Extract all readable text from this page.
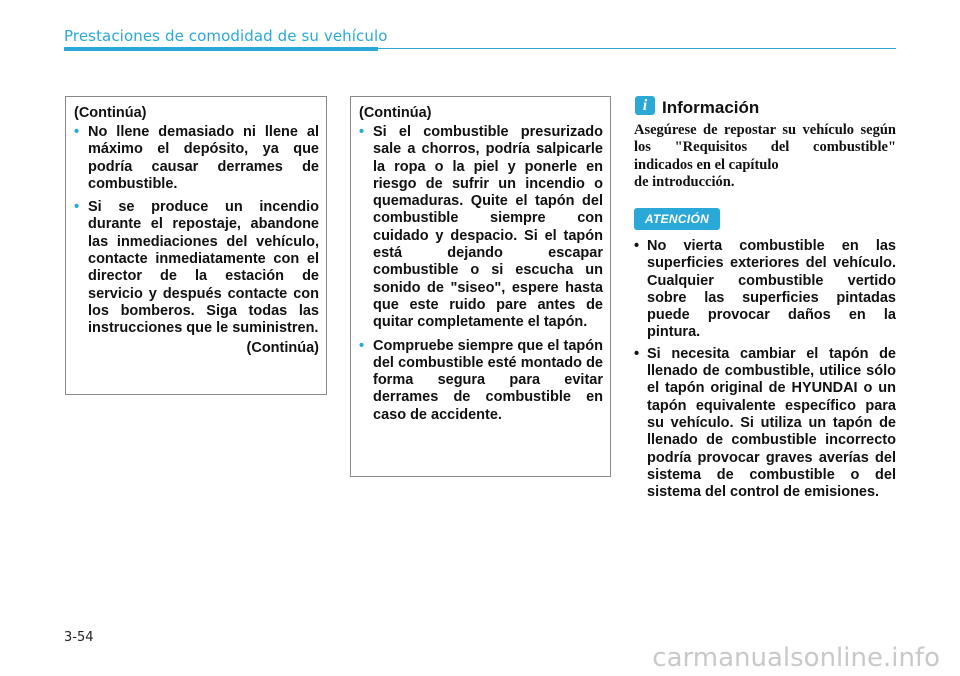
Prestaciones de comodidad de su vehículo
(Continúa)
• No llene demasiado ni llene al máximo el depósito, ya que podría causar derrames de combustible.
• Si se produce un incendio durante el repostaje, abandone las inmediaciones del vehículo, contacte inmediatamente con el director de la estación de servicio y después contacte con los bomberos. Siga todas las instrucciones que le suministren.
(Continúa)
(Continúa)
• Si el combustible presurizado sale a chorros, podría salpicarle la ropa o la piel y ponerle en riesgo de sufrir un incendio o quemaduras. Quite el tapón del combustible siempre con cuidado y despacio. Si el tapón está dejando escapar combustible o si escucha un sonido de "siseo", espere hasta que este ruido pare antes de quitar completamente el tapón.
• Compruebe siempre que el tapón del combustible esté montado de forma segura para evitar derrames de combustible en caso de accidente.
i Información
Asegúrese de repostar su vehículo según los "Requisitos del combustible" indicados en el capítulo
de introducción.
ATENCIÓN
• No vierta combustible en las superficies exteriores del vehículo. Cualquier combustible vertido sobre las superficies pintadas puede provocar daños en la pintura.
• Si necesita cambiar el tapón de llenado de combustible, utilice sólo el tapón original de HYUNDAI o un tapón equivalente específico para su vehículo. Si utiliza un tapón de llenado de combustible incorrecto podría provocar graves averías del sistema de combustible o del sistema del control de emisiones.
3-54
carmanualsonline.info
